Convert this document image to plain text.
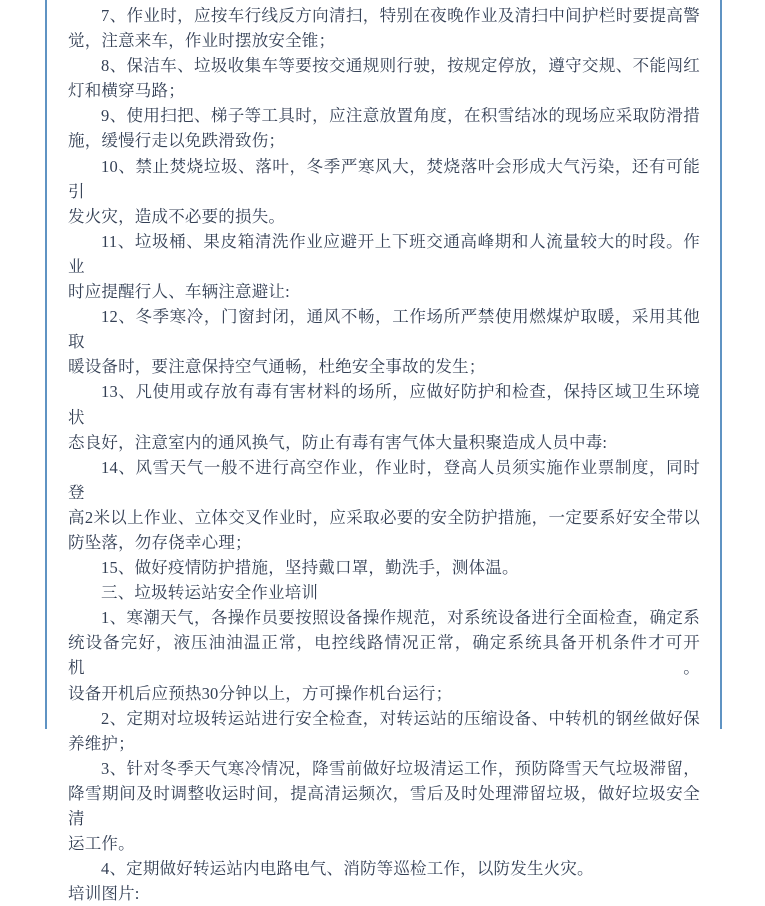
7、作业时，应按车行线反方向清扫，特别在夜晚作业及清扫中间护栏时要提高警
觉，注意来车，作业时摆放安全锥；
8、保洁车、垃圾收集车等要按交通规则行驶，按规定停放，遵守交规、不能闯红
灯和横穿马路；
9、使用扫把、梯子等工具时，应注意放置角度，在积雪结冰的现场应采取防滑措
施，缓慢行走以免跌滑致伤；
10、禁止焚烧垃圾、落叶，冬季严寒风大，焚烧落叶会形成大气污染，还有可能引
发火灾，造成不必要的损失。
11、垃圾桶、果皮箱清洗作业应避开上下班交通高峰期和人流量较大的时段。作业
时应提醒行人、车辆注意避让:
12、冬季寒冷，门窗封闭，通风不畅，工作场所严禁使用燃煤炉取暖，采用其他取
暖设备时，要注意保持空气通畅，杜绝安全事故的发生；
13、凡使用或存放有毒有害材料的场所，应做好防护和检查，保持区域卫生环境状
态良好，注意室内的通风换气，防止有毒有害气体大量积聚造成人员中毒:
14、风雪天气一般不进行高空作业，作业时，登高人员须实施作业票制度，同时登
高2米以上作业、立体交叉作业时，应采取必要的安全防护措施，一定要系好安全带以
防坠落，勿存侥幸心理；
15、做好疫情防护措施，坚持戴口罩，勤洗手，测体温。
三、垃圾转运站安全作业培训
1、寒潮天气，各操作员要按照设备操作规范，对系统设备进行全面检查，确定系
统设备完好，液压油油温正常，电控线路情况正常，确定系统具备开机条件才可开机。
设备开机后应预热30分钟以上，方可操作机台运行；
2、定期对垃圾转运站进行安全检查，对转运站的压缩设备、中转机的钢丝做好保
养维护；
3、针对冬季天气寒冷情况，降雪前做好垃圾清运工作，预防降雪天气垃圾滞留，
降雪期间及时调整收运时间，提高清运频次，雪后及时处理滞留垃圾，做好垃圾安全清
运工作。
4、定期做好转运站内电路电气、消防等巡检工作，以防发生火灾。
培训图片:
